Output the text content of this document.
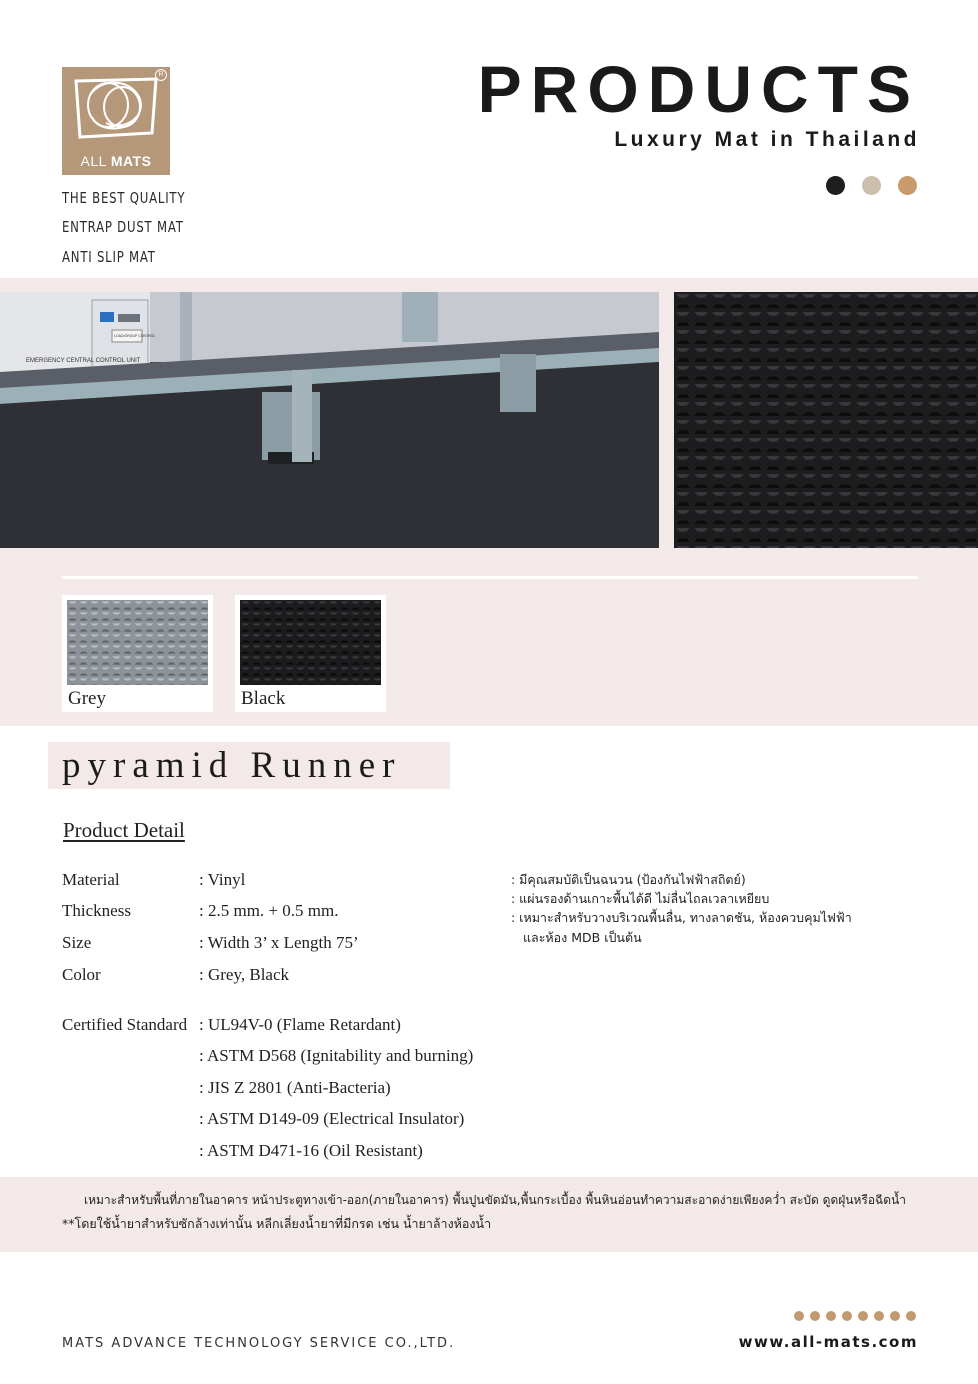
R
ALL MATS
THE BEST QUALITY
ENTRAP DUST MAT
ANTI SLIP MAT
PRODUCTS
Luxury Mat in Thailand
EMERGENCY CENTRAL CONTROL UNIT
LOAD/GROUP CONTROL
Grey	Black
pyramid Runner
Product Detail
Material	: Vinyl
Thickness	: 2.5 mm. + 0.5 mm.
Size	: Width 3’ x Length 75’
Color	: Grey, Black
Certified Standard : UL94V-0 (Flame Retardant)
: ASTM D568 (Ignitability and burning)
: JIS Z 2801 (Anti-Bacteria)
: ASTM D149-09 (Electrical Insulator)
: ASTM D471-16 (Oil Resistant)
: มีคุณสมบัติเป็นฉนวน (ป้องกันไฟฟ้าสถิตย์)
: แผ่นรองด้านเกาะพื้นได้ดี ไม่ลื่นไถลเวลาเหยียบ
: เหมาะสำหรับวางบริเวณพื้นลื่น, ทางลาดชัน, ห้องควบคุมไฟฟ้า
และห้อง MDB เป็นต้น
เหมาะสำหรับพื้นที่ภายในอาคาร หน้าประตูทางเข้า-ออก(ภายในอาคาร) พื้นปูนขัดมัน,พื้นกระเบื้อง พื้นหินอ่อนทำความสะอาดง่ายเพียงคว่ำ สะบัด ดูดฝุ่นหรือฉีดน้ำ
**โดยใช้น้ำยาสำหรับซักล้างเท่านั้น หลีกเลี่ยงน้ำยาที่มีกรด เช่น น้ำยาล้างห้องน้ำ
MATS ADVANCE TECHNOLOGY SERVICE CO.,LTD.	www.all-mats.com
